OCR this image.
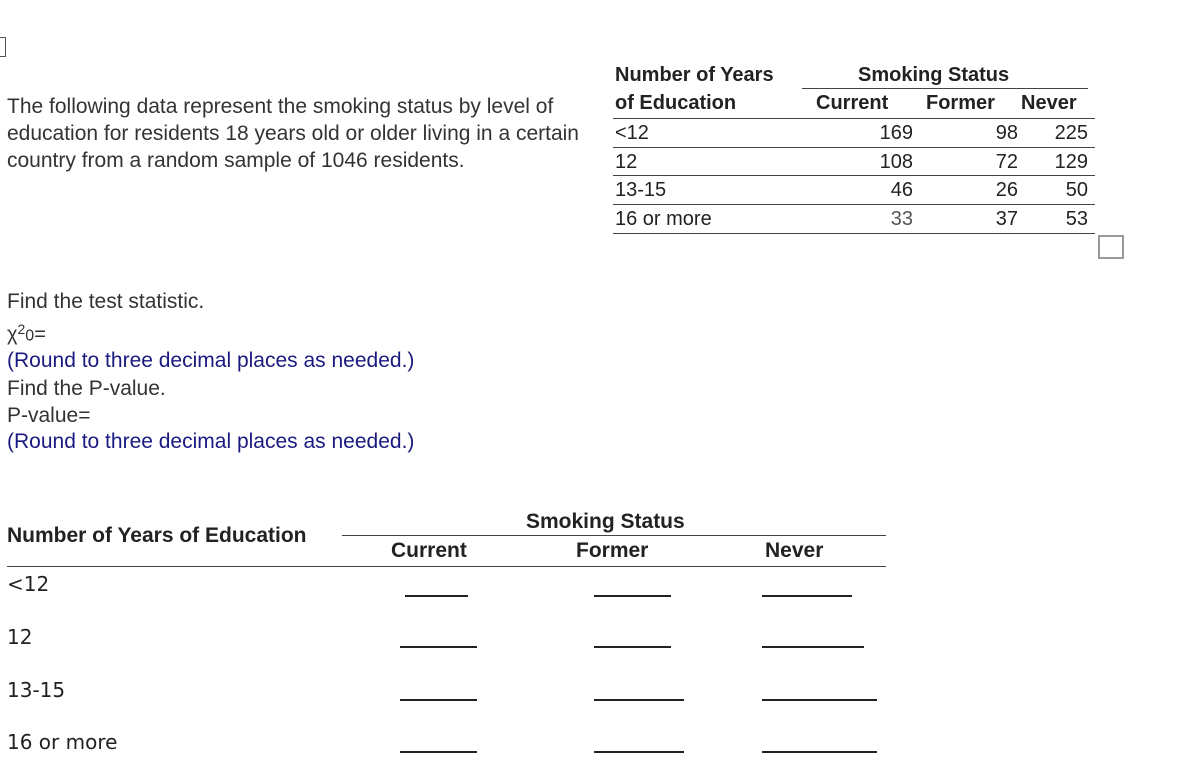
The following data represent the smoking status by level of education for residents 18 years old or older living in a certain country from a random sample of 1046 residents.
Number of Years
of Education
Smoking Status
Current Former Never
<12	169	98	225
12	108	72	129
13-15	46	26	50
16 or more	33	37	53
Find the test statistic.
$\chi^20=$
(Round to three decimal places as needed.)
Find the P-value.
P-value=
(Round to three decimal places as needed.)
Number of Years of Education
Smoking Status
Current	Former	Never
<12
12
13-15
16 or more
